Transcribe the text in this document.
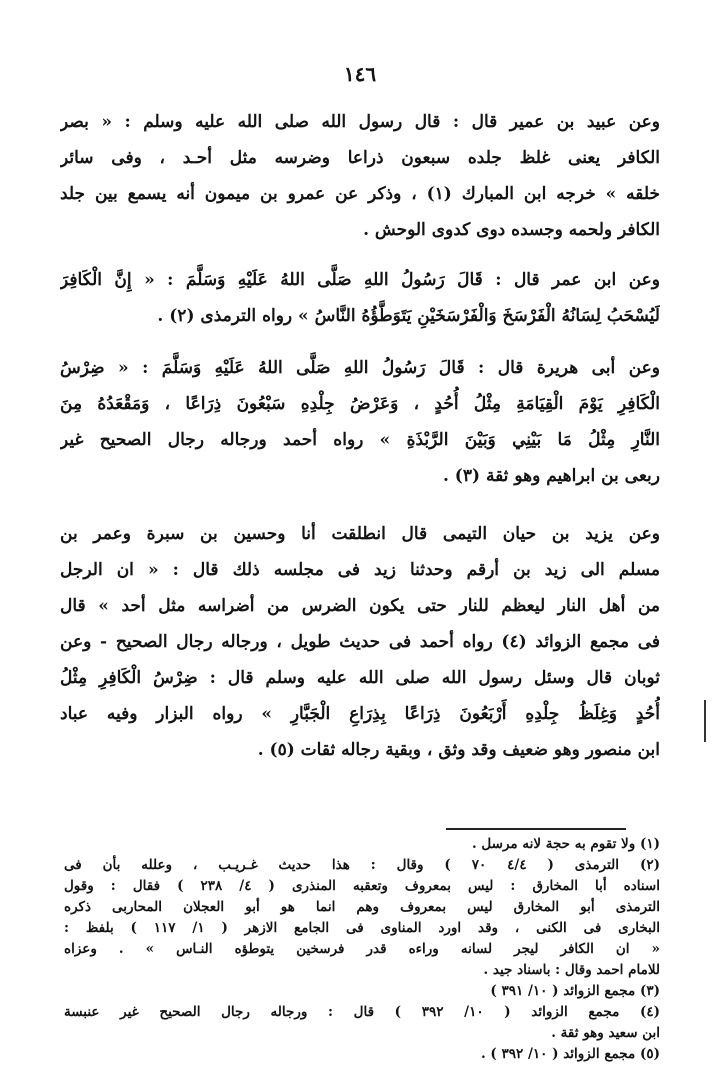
١٤٦
وعن عبيد بن عمير قال : قال رسول الله صلى الله عليه وسلم : « بصر
الكافر يعنى غلظ جلده سبعون ذراعا وضرسه مثل أحـد ، وفى سائر
خلقه » خرجه ابن المبارك (١) ، وذكر عن عمرو بن ميمون أنه يسمع بين جلد
الكافر ولحمه وجسده دوى كدوى الوحش .
وعن ابن عمر قال : قَالَ رَسُولُ اللهِ صَلَّى اللهُ عَلَيْهِ وَسَلَّمَ : « إِنَّ الْكَافِرَ
لَيُسْحَبُ لِسَانُهُ الْفَرْسَخَ وَالْفَرْسَخَيْنِ يَتَوَطَّؤُهُ النَّاسُ » رواه الترمذى (٢) .
وعن أبى هريرة قال : قَالَ رَسُولُ اللهِ صَلَّى اللهُ عَلَيْهِ وَسَلَّمَ : « ضِرْسُ
الْكَافِرِ يَوْمَ الْقِيَامَةِ مِثْلُ أُحُدٍ ، وَعَرْضُ جِلْدِهِ سَبْعُونَ ذِرَاعًا ، وَمَقْعَدُهُ مِنَ
النَّارِ مِثْلُ مَا بَيْنِي وَبَيْنَ الرَّبْذَةِ » رواه أحمد ورجاله رجال الصحيح غير
ربعى بن ابراهيم وهو ثقة (٣) .
وعن يزيد بن حيان التيمى قال انطلقت أنا وحسين بن سبرة وعمر بن
مسلم الى زيد بن أرقم وحدثنا زيد فى مجلسه ذلك قال : « ان الرجل
من أهل النار ليعظم للنار حتى يكون الضرس من أضراسه مثل أحد » قال
فى مجمع الزوائد (٤) رواه أحمد فى حديث طويل ، ورجاله رجال الصحيح - وعن
ثوبان قال وسئل رسول الله صلى الله عليه وسلم قال : ضِرْسُ الْكَافِرِ مِثْلُ
أُحُدٍ وَغِلَظُ جِلْدِهِ أَرْبَعُونَ ذِرَاعًا بِذِرَاعِ الْجَبَّارِ » رواه البزار وفيه عباد
ابن منصور وهو ضعيف وقد وثق ، وبقية رجاله ثقات (٥) .
(١) ولا تقوم به حجة لانه مرسل .
(٢) الترمذى ( ٤/٤ ٧٠ ) وقال : هذا حديث غـريـب ، وعلله بأن فى
اسناده أبا المخارق : ليس بمعروف وتعقبه المنذرى ( ٤/ ٢٣٨ ) فقال : وقول
الترمذى أبو المخارق ليس بمعروف وهم انما هو أبو العجلان المحاربى ذكره
البخارى فى الكنى ، وقد اورد المناوى فى الجامع الازهر ( ١/ ١١٧ ) بلفظ :
« ان الكافر ليجر لسانه وراءه قدر فرسخين يتوطؤه النـاس » . وعزاه
للامام احمد وقال : باسناد جيد .
(٣) مجمع الزوائد ( ١٠/ ٣٩١ )
(٤) مجمع الزوائد ( ١٠/ ٣٩٢ ) قال : ورجاله رجال الصحيح غير عنبسة
ابن سعيد وهو ثقة .
(٥) مجمع الزوائد ( ١٠/ ٣٩٢ ) .
